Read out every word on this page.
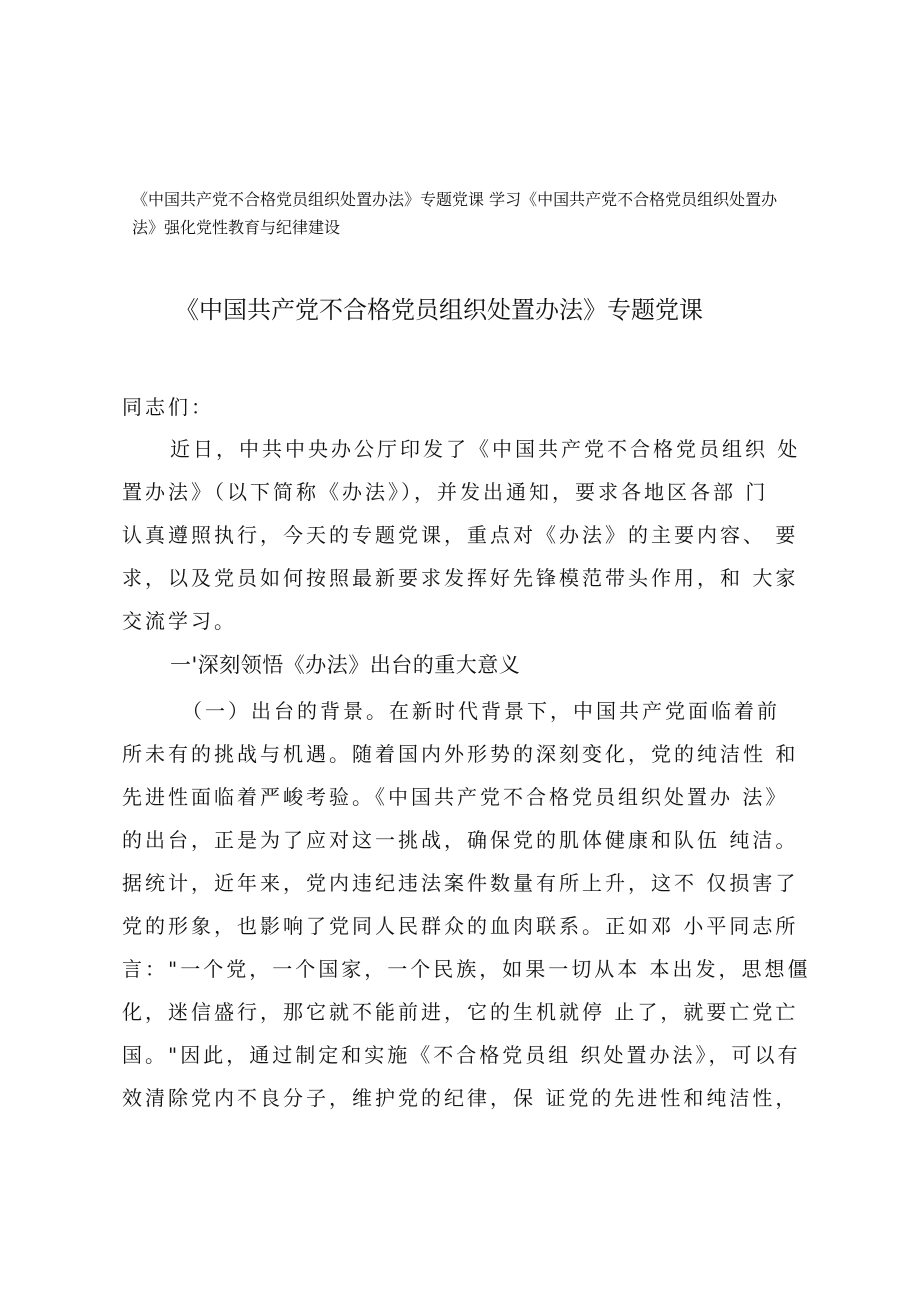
《中国共产党不合格党员组织处置办法》专题党课 学习《中国共产党不合格党员组织处置办
法》强化党性教育与纪律建设
《中国共产党不合格党员组织处置办法》专题党课
同志们：
近日，中共中央办公厅印发了《中国共产党不合格党员组织 处
置办法》（以下简称《办法》），并发出通知，要求各地区各部 门
认真遵照执行，今天的专题党课，重点对《办法》的主要内容、 要
求，以及党员如何按照最新要求发挥好先锋模范带头作用，和 大家
交流学习。
一'深刻领悟《办法》出台的重大意义
（一）出台的背景。在新时代背景下，中国共产党面临着前
所未有的挑战与机遇。随着国内外形势的深刻变化，党的纯洁性 和
先进性面临着严峻考验。《中国共产党不合格党员组织处置办 法》
的出台，正是为了应对这一挑战，确保党的肌体健康和队伍 纯洁。
据统计，近年来，党内违纪违法案件数量有所上升，这不 仅损害了
党的形象，也影响了党同人民群众的血肉联系。正如邓 小平同志所
言："一个党，一个国家，一个民族，如果一切从本 本出发，思想僵
化，迷信盛行，那它就不能前进，它的生机就停 止了，就要亡党亡
国。"因此，通过制定和实施《不合格党员组 织处置办法》，可以有
效清除党内不良分子，维护党的纪律，保 证党的先进性和纯洁性，
